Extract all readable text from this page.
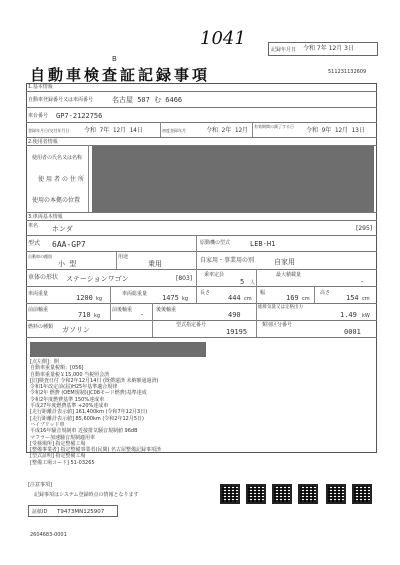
1041
B
自動車検査証記録事項
記録年月日 令和 7年 12月 3日
511231132609
1.基本情報
自動車登録番号又は車両番号	名古屋 507 む 6466
車台番号 GP7-2122756
登録年月日/交付年月日 令和 7年 12月 14日	初度登録年月	令和 2年 12月
有効期間の満了する日
令和 9年 12月 13日
2.使用者情報
使用者の氏名又は名称
使用者の住所
使用の本拠の位置
3.車両基本情報
車名 ホンダ	[295]
型式 6AA-GP7	原動機の型式	LEB-H1
自動車の種別
小 型
用途
乗用	自家用・事業用の別	自家用
車体の形状 ステーションワゴン	[803] 乗車定員
5 人
最大積載量
-
車両重量	1200 kg
車両総重量 1475 kg
長さ
444 cm
幅
169 cm
高さ
154 cm
前前軸重
710 kg
前後軸重
-
後後軸重
490
総排気量又は定格出力
1.49 kW
燃料の種類 ガソリン
型式指定番号
19195
類別区分番号
0001
[点左側]：開
自動車重量税額：[056]
自動車重量税￥15,000 当税照会済
[旧]検査日付 令和2年12月14日 (既償還済 未納額通過済)
令和1年改定前(届)H25年基準適合規律
令和2年 燃費 (OEM規制)(JC08モード燃費)基準達成
令和2年度燃費基準 150%達成車
平成27年度燃費基準 +20%達成車
[走行距離計表示値] 161,400km (令和7年12月3日)
[走行距離計表示値] 85,600km (令和2年12月5日)
ハイブリッド車
平成16年騒音規制車 近接排気騒音規制値 96dB
マフラー加速騒音規制適用車
[受検場所] 指定整備工場
[整備事業者] 指定整備事業者(民間) 名古屋整備記録事項済
[型式証明] 指定整備工場
[整備工場コード] 51-03265
[注意事項]
記録事項はシステム登録時点の情報となります
証紙ID T9473MN125907
2604683-0001
